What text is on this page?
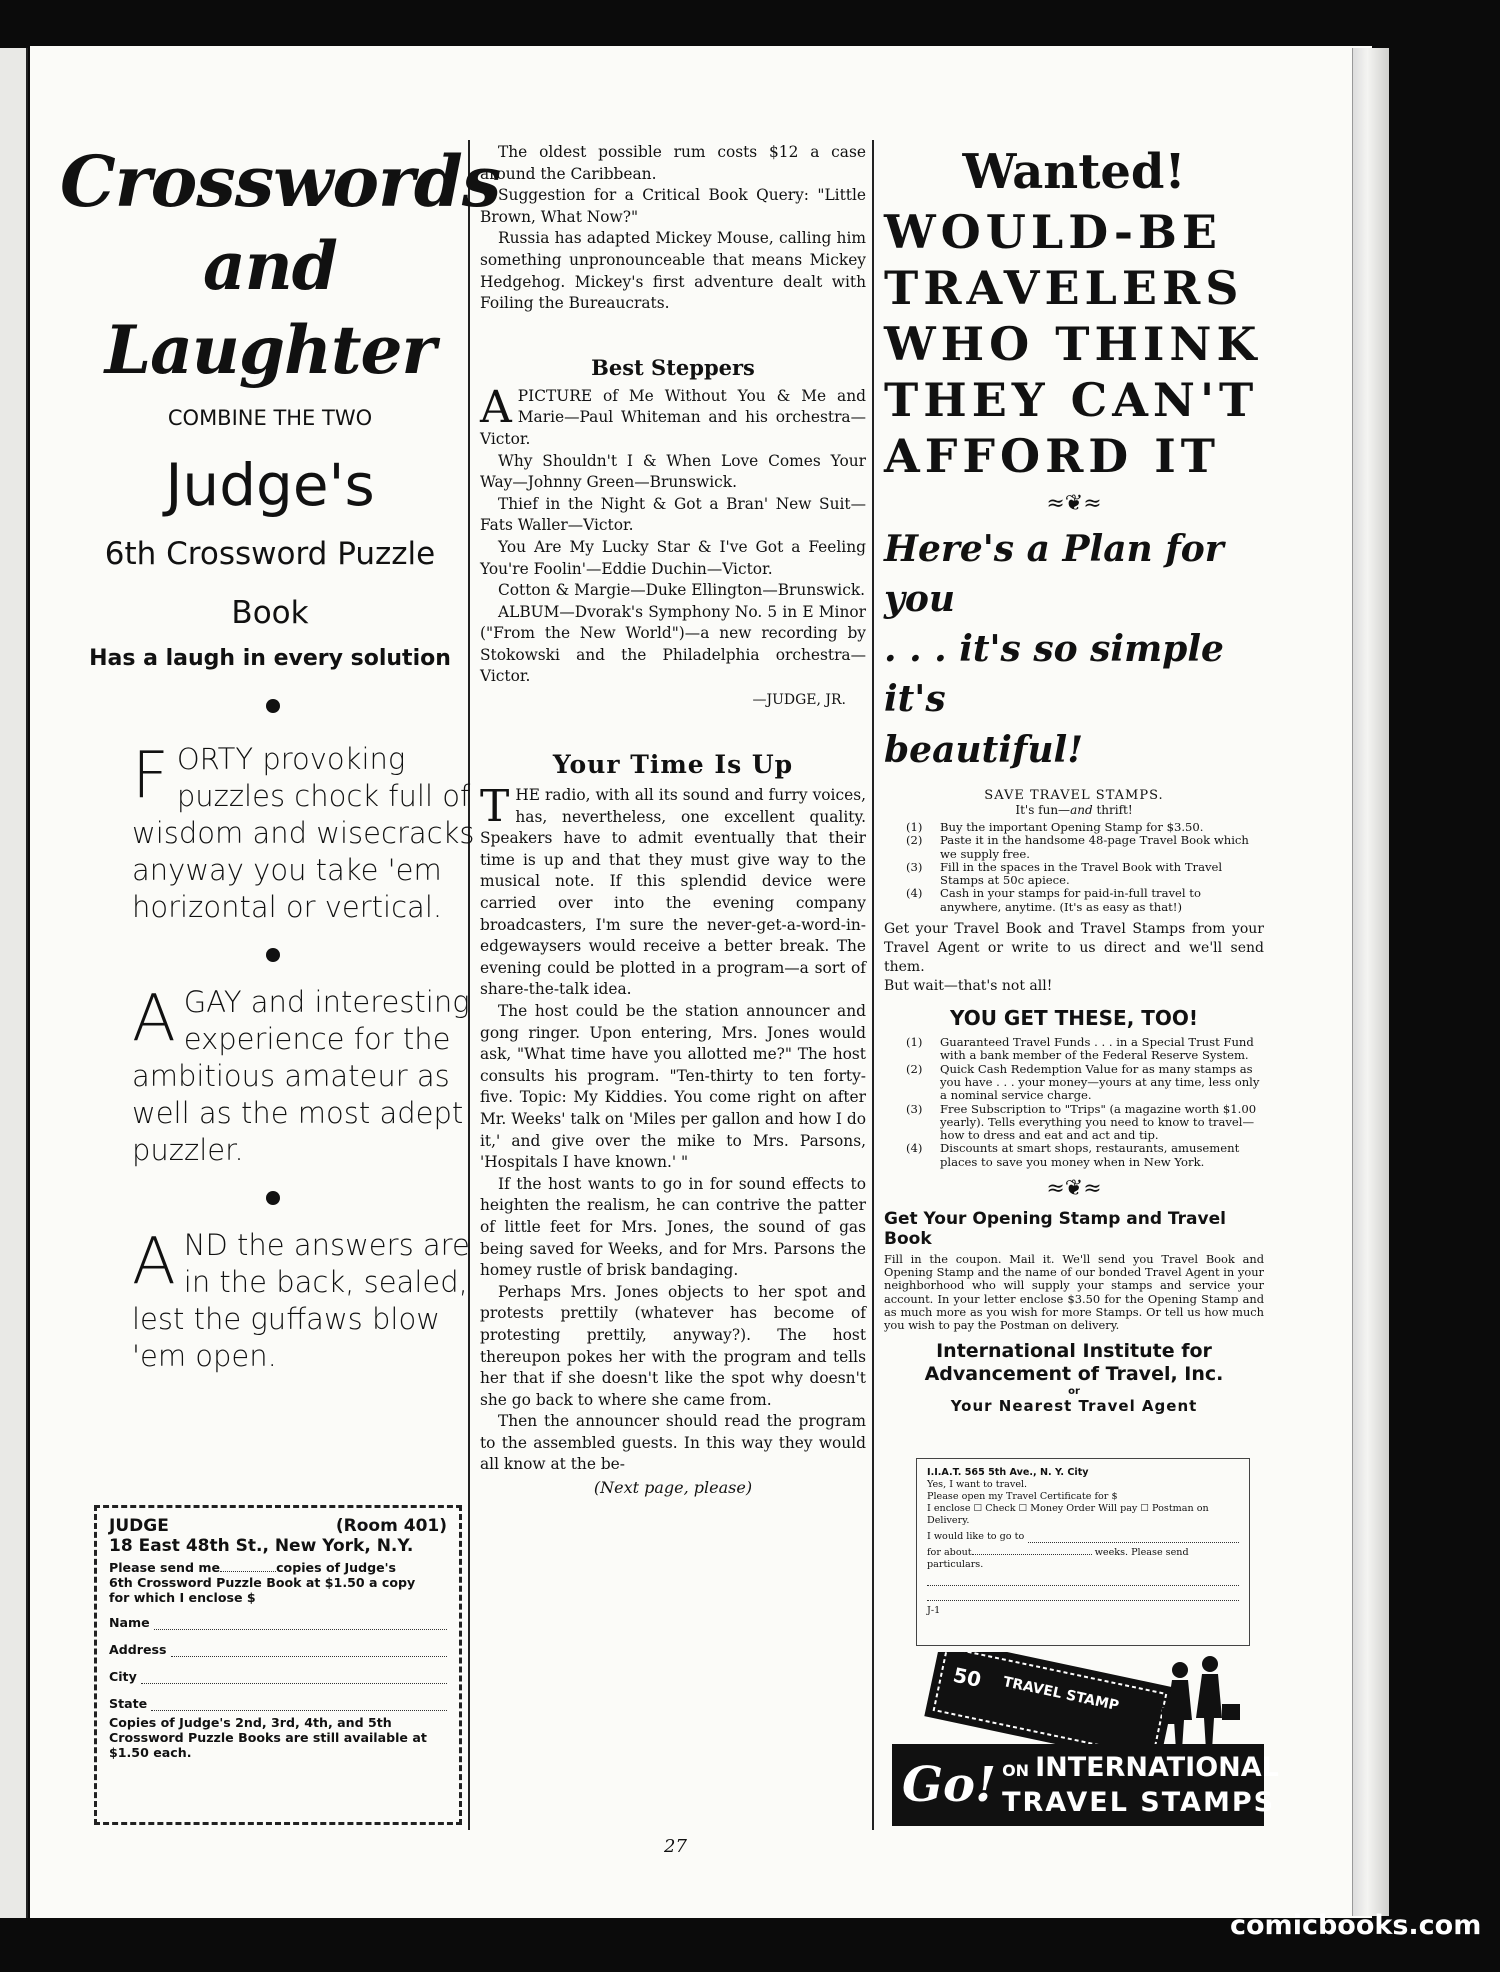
Crosswords
and
Laughter
COMBINE THE TWO
Judge's
6th Crossword Puzzle
Book
Has a laugh in every solution

FORTY provoking puzzles chock full of wisdom and wisecracks anyway you take 'em horizontal or vertical.

AGAY and interesting experience for the ambitious amateur as well as the most adept puzzler.

AND the answers are in the back, sealed, lest the guffaws blow 'em open.

JUDGE	(Room 401)
18 East 48th St., New York, N.Y.
Please send me	copies of Judge's
6th Crossword Puzzle Book at $1.50 a copy
for which I enclose $
Name
Address
City
State
Copies of Judge's 2nd, 3rd, 4th, and 5th Crossword Puzzle Books are still available at $1.50 each.

The oldest possible rum costs $12 a case around the Caribbean.

Suggestion for a Critical Book Query: "Little Brown, What Now?"

Russia has adapted Mickey Mouse, calling him something unpronounceable that means Mickey Hedgehog. Mickey's first adventure dealt with Foiling the Bureaucrats.

Best Steppers

APICTURE of Me Without You & Me and Marie—Paul Whiteman and his orchestra—Victor.

Why Shouldn't I & When Love Comes Your Way—Johnny Green—Brunswick.

Thief in the Night & Got a Bran' New Suit—Fats Waller—Victor.

You Are My Lucky Star & I've Got a Feeling You're Foolin'—Eddie Duchin—Victor.

Cotton & Margie—Duke Ellington—Brunswick.

ALBUM—Dvorak's Symphony No. 5 in E Minor ("From the New World")—a new recording by Stokowski and the Philadelphia orchestra—Victor.

—JUDGE, JR.
Your Time Is Up

THE radio, with all its sound and furry voices, has, nevertheless, one excellent quality. Speakers have to admit eventually that their time is up and that they must give way to the musical note. If this splendid device were carried over into the evening company broadcasters, I'm sure the never-get-a-word-in-edgewaysers would receive a better break. The evening could be plotted in a program—a sort of share-the-talk idea.

The host could be the station announcer and gong ringer. Upon entering, Mrs. Jones would ask, "What time have you allotted me?" The host consults his program. "Ten-thirty to ten forty-five. Topic: My Kiddies. You come right on after Mr. Weeks' talk on 'Miles per gallon and how I do it,' and give over the mike to Mrs. Parsons, 'Hospitals I have known.' "

If the host wants to go in for sound effects to heighten the realism, he can contrive the patter of little feet for Mrs. Jones, the sound of gas being saved for Weeks, and for Mrs. Parsons the homey rustle of brisk bandaging.

Perhaps Mrs. Jones objects to her spot and protests prettily (whatever has become of protesting prettily, anyway?). The host thereupon pokes her with the program and tells her that if she doesn't like the spot why doesn't she go back to where she came from.

Then the announcer should read the program to the assembled guests. In this way they would all know at the be-

(Next page, please)
Wanted!
WOULD-BE
TRAVELERS
WHO THINK
THEY CAN'T
AFFORD IT
≈❦≈
Here's a Plan for you
. . . it's so simple it's
beautiful!
SAVE TRAVEL STAMPS.
It's fun—and thrift!
(1)	Buy the important Opening Stamp for $3.50.
(2)	Paste it in the handsome 48-page Travel Book which we supply free.
(3)	Fill in the spaces in the Travel Book with Travel Stamps at 50c apiece.
(4)	Cash in your stamps for paid-in-full travel to anywhere, anytime. (It's as easy as that!)

Get your Travel Book and Travel Stamps from your Travel Agent or write to us direct and we'll send them.

But wait—that's not all!

YOU GET THESE, TOO!
(1)	Guaranteed Travel Funds . . . in a Special Trust Fund with a bank member of the Federal Reserve System.
(2)	Quick Cash Redemption Value for as many stamps as you have . . . your money—yours at any time, less only a nominal service charge.
(3)	Free Subscription to "Trips" (a magazine worth $1.00 yearly). Tells everything you need to know to travel—how to dress and eat and act and tip.
(4)	Discounts at smart shops, restaurants, amusement places to save you money when in New York.
≈❦≈
Get Your Opening Stamp and Travel Book

Fill in the coupon. Mail it. We'll send you Travel Book and Opening Stamp and the name of our bonded Travel Agent in your neighborhood who will supply your stamps and service your account. In your letter enclose $3.50 for the Opening Stamp and as much more as you wish for more Stamps. Or tell us how much you wish to pay the Postman on delivery.

International Institute for
Advancement of Travel, Inc.
or
Your Nearest Travel Agent
I.I.A.T. 565 5th Ave., N. Y. City
Yes, I want to travel.
Please open my Travel Certificate for $
I enclose ☐ Check ☐ Money Order Will pay ☐ Postman on Delivery.
I would like to go to
for about	weeks. Please send particulars.
J-1
50 TRAVEL STAMP
Go! ON INTERNATIONAL
TRAVEL STAMPS
27
comicbooks.com
